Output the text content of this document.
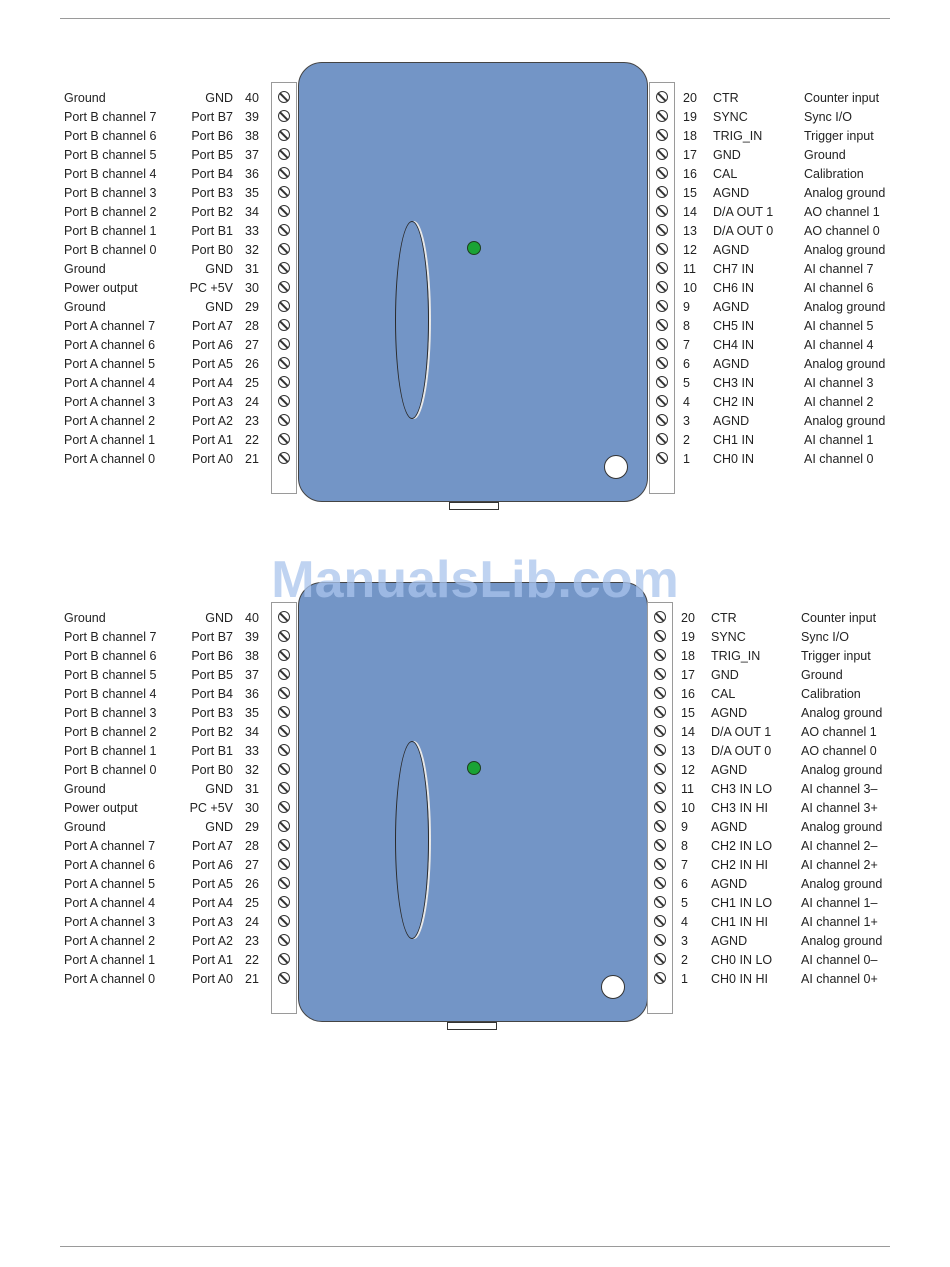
Ground
Port B channel 7
Port B channel 6
Port B channel 5
Port B channel 4
Port B channel 3
Port B channel 2
Port B channel 1
Port B channel 0
Ground
Power output
Ground
Port A channel 7
Port A channel 6
Port A channel 5
Port A channel 4
Port A channel 3
Port A channel 2
Port A channel 1
Port A channel 0
GND
Port B7
Port B6
Port B5
Port B4
Port B3
Port B2
Port B1
Port B0
GND
PC +5V
GND
Port A7
Port A6
Port A5
Port A4
Port A3
Port A2
Port A1
Port A0
40
39
38
37
36
35
34
33
32
31
30
29
28
27
26
25
24
23
22
21
20
19
18
17
16
15
14
13
12
11
10
9
8
7
6
5
4
3
2
1
CTR
SYNC
TRIG_IN
GND
CAL
AGND
D/A OUT 1
D/A OUT 0
AGND
CH7 IN
CH6 IN
AGND
CH5 IN
CH4 IN
AGND
CH3 IN
CH2 IN
AGND
CH1 IN
CH0 IN
Counter input
Sync I/O
Trigger input
Ground
Calibration
Analog ground
AO channel 1
AO channel 0
Analog ground
AI channel 7
AI channel 6
Analog ground
AI channel 5
AI channel 4
Analog ground
AI channel 3
AI channel 2
Analog ground
AI channel 1
AI channel 0
Ground
Port B channel 7
Port B channel 6
Port B channel 5
Port B channel 4
Port B channel 3
Port B channel 2
Port B channel 1
Port B channel 0
Ground
Power output
Ground
Port A channel 7
Port A channel 6
Port A channel 5
Port A channel 4
Port A channel 3
Port A channel 2
Port A channel 1
Port A channel 0
GND
Port B7
Port B6
Port B5
Port B4
Port B3
Port B2
Port B1
Port B0
GND
PC +5V
GND
Port A7
Port A6
Port A5
Port A4
Port A3
Port A2
Port A1
Port A0
40
39
38
37
36
35
34
33
32
31
30
29
28
27
26
25
24
23
22
21
20
19
18
17
16
15
14
13
12
11
10
9
8
7
6
5
4
3
2
1
CTR
SYNC
TRIG_IN
GND
CAL
AGND
D/A OUT 1
D/A OUT 0
AGND
CH3 IN LO
CH3 IN HI
AGND
CH2 IN LO
CH2 IN HI
AGND
CH1 IN LO
CH1 IN HI
AGND
CH0 IN LO
CH0 IN HI
Counter input
Sync I/O
Trigger input
Ground
Calibration
Analog ground
AO channel 1
AO channel 0
Analog ground
AI channel 3–
AI channel 3+
Analog ground
AI channel 2–
AI channel 2+
Analog ground
AI channel 1–
AI channel 1+
Analog ground
AI channel 0–
AI channel 0+
ManualsLib.com
